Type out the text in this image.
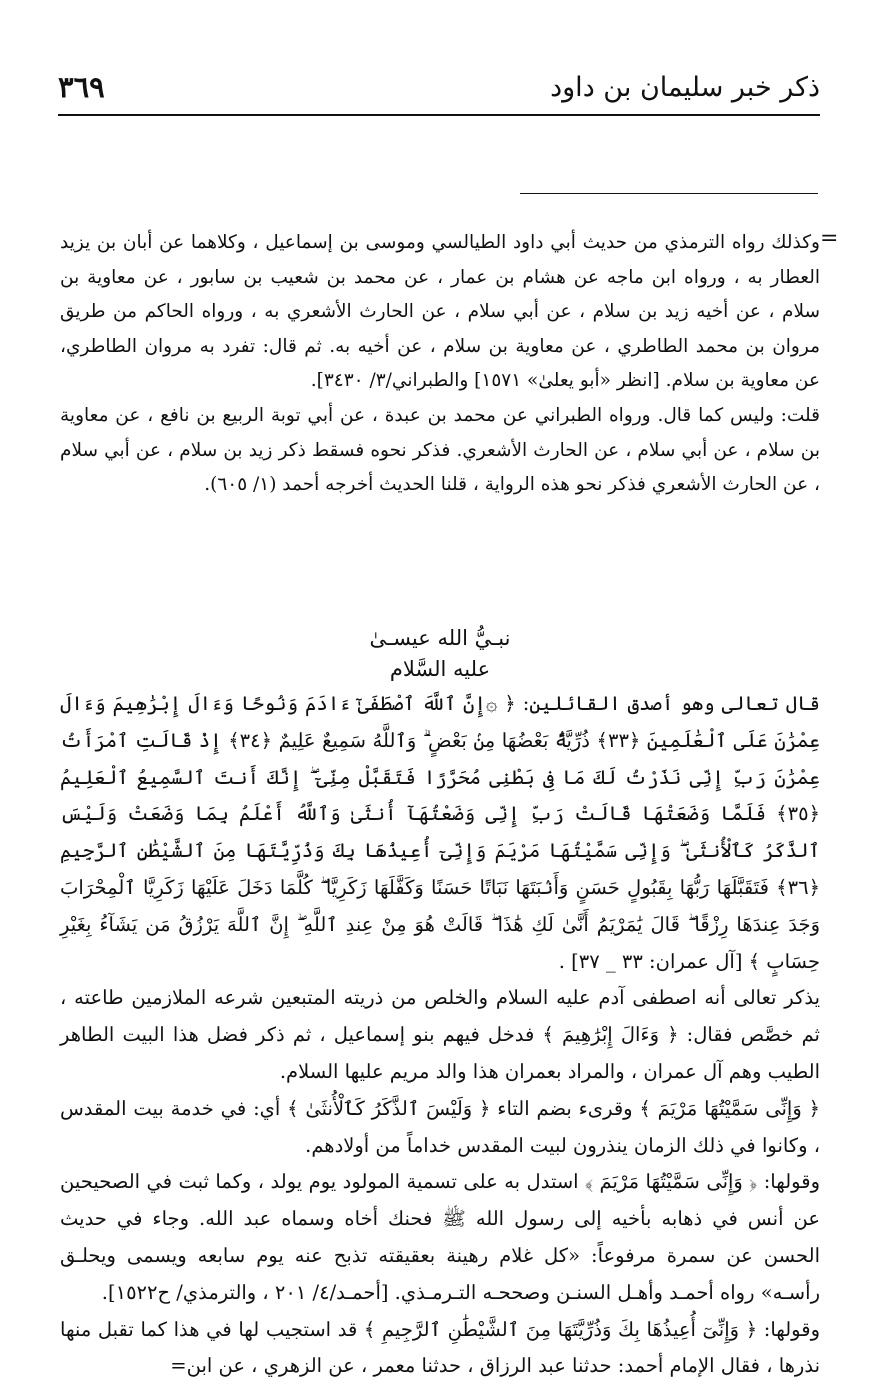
ذكر خبر سليمان بن داود
٣٦٩
=

وكذلك رواه الترمذي من حديث أبي داود الطيالسي وموسى بن إسماعيل ، وكلاهما عن أبان بن يزيد العطار به ، ورواه ابن ماجه عن هشام بن عمار ، عن محمد بن شعيب بن سابور ، عن معاوية بن سلام ، عن أخيه زيد بن سلام ، عن أبي سلام ، عن الحارث الأشعري به ، ورواه الحاكم من طريق مروان بن محمد الطاطري ، عن معاوية بن سلام ، عن أخيه به. ثم قال: تفرد به مروان الطاطري، عن معاوية بن سلام. [انظر «أبو يعلىٰ» ١٥٧١] والطبراني/٣/ ٣٤٣٠].

قلت: وليس كما قال. ورواه الطبراني عن محمد بن عبدة ، عن أبي توبة الربيع بن نافع ، عن معاوية بن سلام ، عن أبي سلام ، عن الحارث الأشعري. فذكر نحوه فسقط ذكر زيد بن سلام ، عن أبي سلام ، عن الحارث الأشعري فذكر نحو هذه الرواية ، قلنا الحديث أخرجه أحمد (١/ ٦٠٥).

نبـيُّ الله عيسـىٰ
عليه السَّلام

قال تعالى وهو أصدق القائلين: ﴿ ۞إِنَّ ٱللَّهَ ٱصْطَفَىٰٓ ءَادَمَ وَنُوحًا وَءَالَ إِبْرَٰهِيمَ وَءَالَ عِمْرَٰنَ عَلَى ٱلْعَٰلَمِينَ ﴿٣٣﴾ ذُرِّيَّةًۢ بَعْضُهَا مِنۢ بَعْضٍ ۗ وَٱللَّهُ سَمِيعٌ عَلِيمٌ ﴿٣٤﴾ إِذْ قَالَتِ ٱمْرَأَتُ عِمْرَٰنَ رَبِّ إِنِّى نَذَرْتُ لَكَ مَا فِى بَطْنِى مُحَرَّرًا فَتَقَبَّلْ مِنِّىٓ ۖ إِنَّكَ أَنتَ ٱلسَّمِيعُ ٱلْعَلِيمُ ﴿٣٥﴾ فَلَمَّا وَضَعَتْهَا قَالَتْ رَبِّ إِنِّى وَضَعْتُهَآ أُنثَىٰ وَٱللَّهُ أَعْلَمُ بِمَا وَضَعَتْ وَلَيْسَ ٱلذَّكَرُ كَٱلْأُنثَىٰ ۖ وَإِنِّى سَمَّيْتُهَا مَرْيَمَ وَإِنِّىٓ أُعِيذُهَا بِكَ وَذُرِّيَّتَهَا مِنَ ٱلشَّيْطَٰنِ ٱلرَّجِيمِ ﴿٣٦﴾ فَتَقَبَّلَهَا رَبُّهَا بِقَبُولٍ حَسَنٍ وَأَنۢبَتَهَا نَبَاتًا حَسَنًا وَكَفَّلَهَا زَكَرِيَّا ۖ كُلَّمَا دَخَلَ عَلَيْهَا زَكَرِيَّا ٱلْمِحْرَابَ وَجَدَ عِندَهَا رِزْقًا ۖ قَالَ يَٰمَرْيَمُ أَنَّىٰ لَكِ هَٰذَا ۖ قَالَتْ هُوَ مِنْ عِندِ ٱللَّهِ ۖ إِنَّ ٱللَّهَ يَرْزُقُ مَن يَشَآءُ بِغَيْرِ حِسَابٍ ﴾ [آل عمران: ٣٣ _ ٣٧] .

يذكر تعالى أنه اصطفى آدم عليه السلام والخلص من ذريته المتبعين شرعه الملازمين طاعته ، ثم خصَّص فقال: ﴿ وَءَالَ إِبْرَٰهِيمَ ﴾ فدخل فيهم بنو إسماعيل ، ثم ذكر فضل هذا البيت الطاهر الطيب وهم آل عمران ، والمراد بعمران هذا والد مريم عليها السلام.

﴿ وَإِنِّى سَمَّيْتُهَا مَرْيَمَ ﴾ وقرىء بضم التاء ﴿ وَلَيْسَ ٱلذَّكَرُ كَٱلْأُنثَىٰ ﴾ أي: في خدمة بيت المقدس ، وكانوا في ذلك الزمان ينذرون لبيت المقدس خداماً من أولادهم.

وقولها: ﴿ وَإِنِّى سَمَّيْتُهَا مَرْيَمَ ﴾ استدل به على تسمية المولود يوم يولد ، وكما ثبت في الصحيحين عن أنس في ذهابه بأخيه إلى رسول الله ﷺ فحنك أخاه وسماه عبد الله. وجاء في حديث الحسن عن سمرة مرفوعاً: «كل غلام رهينة بعقيقته تذبح عنه يوم سابعه ويسمى ويحلـق رأسـه» رواه أحمـد وأهـل السنـن وصححـه التـرمـذي. [أحمـد/٤/ ٢٠١ ، والترمذي/ ح١٥٢٢].

وقولها: ﴿ وَإِنِّىٓ أُعِيذُهَا بِكَ وَذُرِّيَّتَهَا مِنَ ٱلشَّيْطَٰنِ ٱلرَّجِيمِ ﴾ قد استجيب لها في هذا كما تقبل منها نذرها ، فقال الإمام أحمد: حدثنا عبد الرزاق ، حدثنا معمر ، عن الزهري ، عن ابن=
